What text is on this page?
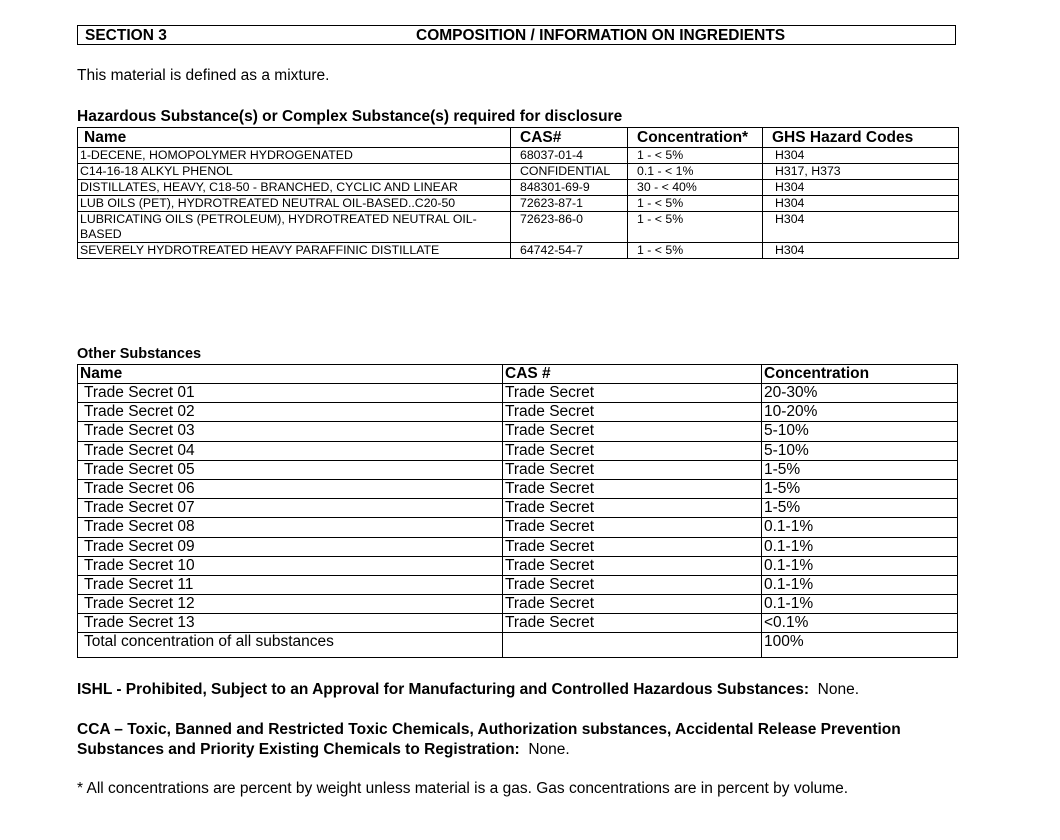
SECTION 3	COMPOSITION / INFORMATION ON INGREDIENTS
This material is defined as a mixture.
Hazardous Substance(s) or Complex Substance(s) required for disclosure
Name	CAS#	Concentration*	GHS Hazard Codes
1-DECENE, HOMOPOLYMER HYDROGENATED	68037-01-4	1 - < 5%	H304
C14-16-18 ALKYL PHENOL	CONFIDENTIAL	0.1 - < 1%	H317, H373
DISTILLATES, HEAVY, C18-50 - BRANCHED, CYCLIC AND LINEAR	848301-69-9	30 - < 40%	H304
LUB OILS (PET), HYDROTREATED NEUTRAL OIL-BASED..C20-50	72623-87-1	1 - < 5%	H304
LUBRICATING OILS (PETROLEUM), HYDROTREATED NEUTRAL OIL-BASED	72623-86-0	1 - < 5%	H304
SEVERELY HYDROTREATED HEAVY PARAFFINIC DISTILLATE	64742-54-7	1 - < 5%	H304
Other Substances
Name	CAS #	Concentration
Trade Secret 01	Trade Secret	20-30%
Trade Secret 02	Trade Secret	10-20%
Trade Secret 03	Trade Secret	5-10%
Trade Secret 04	Trade Secret	5-10%
Trade Secret 05	Trade Secret	1-5%
Trade Secret 06	Trade Secret	1-5%
Trade Secret 07	Trade Secret	1-5%
Trade Secret 08	Trade Secret	0.1-1%
Trade Secret 09	Trade Secret	0.1-1%
Trade Secret 10	Trade Secret	0.1-1%
Trade Secret 11	Trade Secret	0.1-1%
Trade Secret 12	Trade Secret	0.1-1%
Trade Secret 13	Trade Secret	<0.1%
Total concentration of all substances		100%
ISHL - Prohibited, Subject to an Approval for Manufacturing and Controlled Hazardous Substances: None.
CCA – Toxic, Banned and Restricted Toxic Chemicals, Authorization substances, Accidental Release Prevention Substances and Priority Existing Chemicals to Registration: None.
* All concentrations are percent by weight unless material is a gas. Gas concentrations are in percent by volume.
